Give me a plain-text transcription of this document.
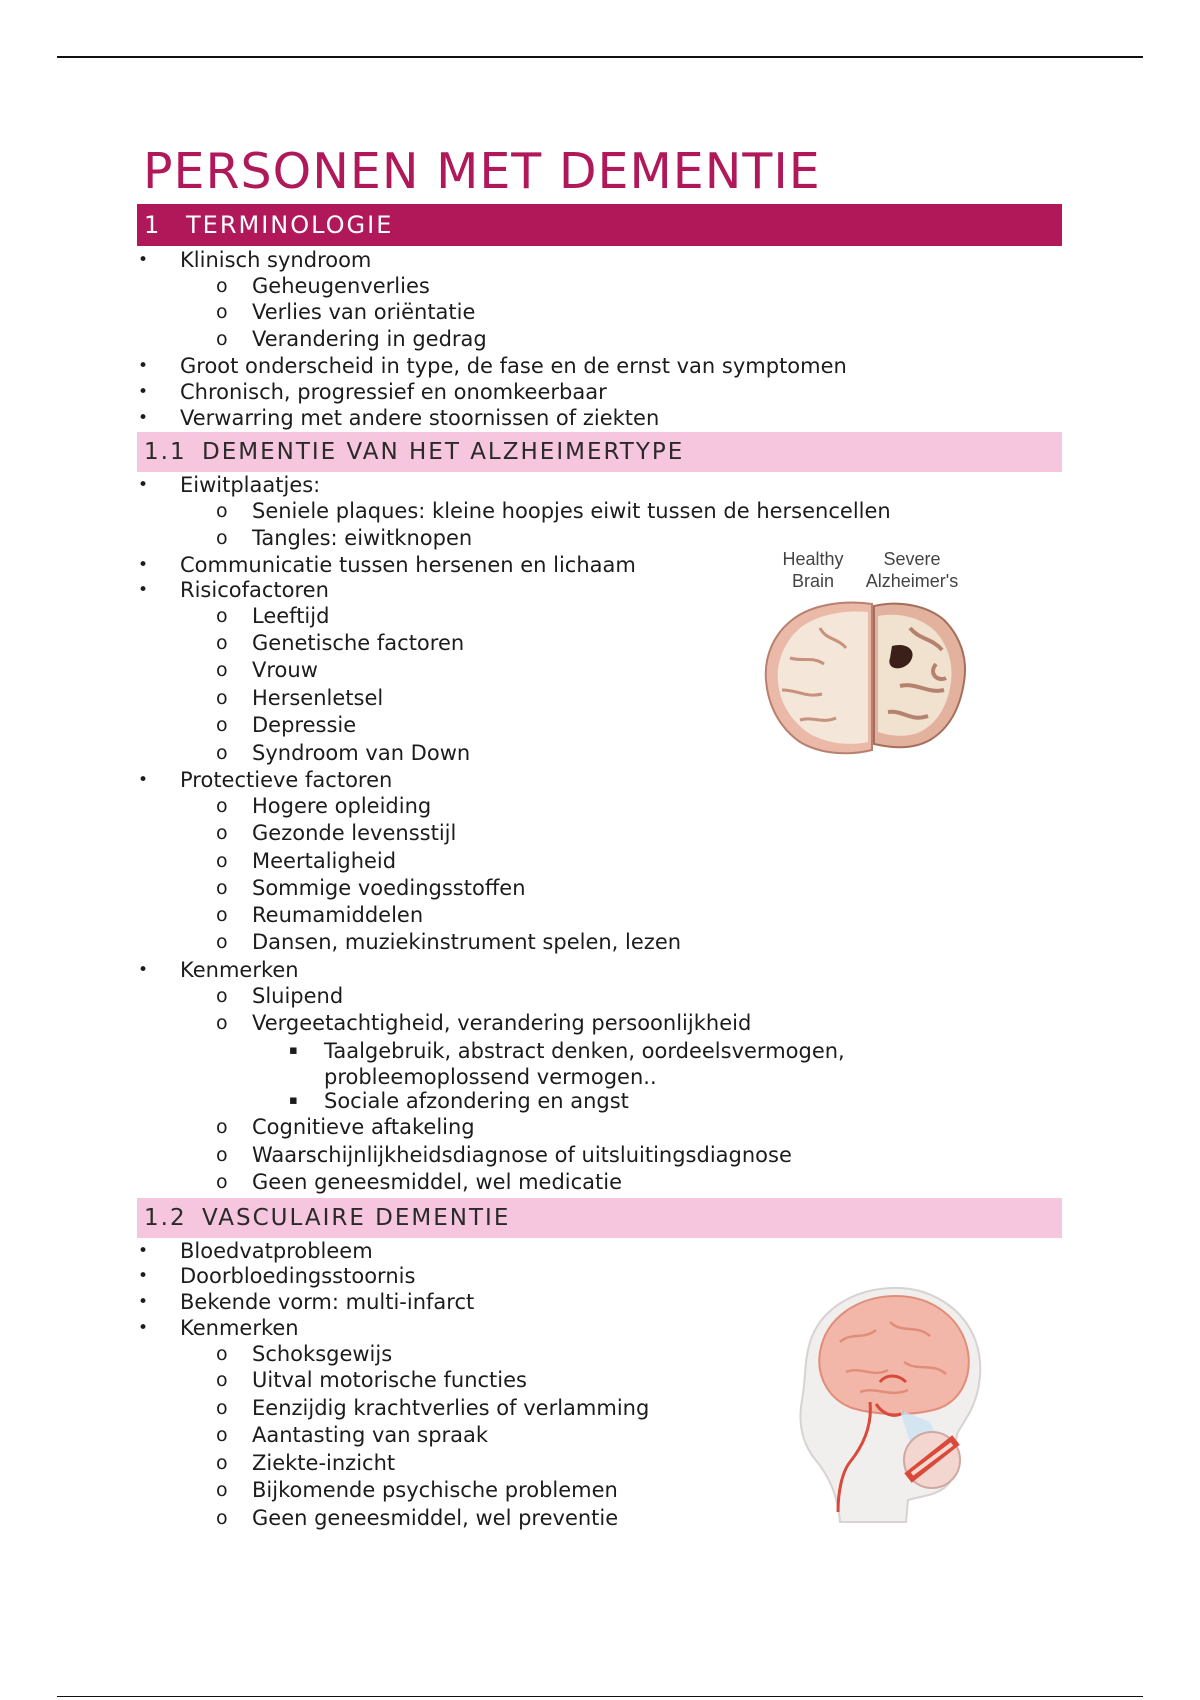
PERSONEN MET DEMENTIE
1 TERMINOLOGIE
• Klinisch syndroom
o Geheugenverlies
o Verlies van oriëntatie
o Verandering in gedrag
• Groot onderscheid in type, de fase en de ernst van symptomen
• Chronisch, progressief en onomkeerbaar
• Verwarring met andere stoornissen of ziekten
1.1 DEMENTIE VAN HET ALZHEIMERTYPE
• Eiwitplaatjes:
o Seniele plaques: kleine hoopjes eiwit tussen de hersencellen
o Tangles: eiwitknopen
• Communicatie tussen hersenen en lichaam
• Risicofactoren
o Leeftijd
o Genetische factoren
o Vrouw
o Hersenletsel
o Depressie
o Syndroom van Down
• Protectieve factoren
o Hogere opleiding
o Gezonde levensstijl
o Meertaligheid
o Sommige voedingsstoffen
o Reumamiddelen
o Dansen, muziekinstrument spelen, lezen
• Kenmerken
o Sluipend
o Vergeetachtigheid, verandering persoonlijkheid
▪ Taalgebruik, abstract denken, oordeelsvermogen,
probleemoplossend vermogen..
▪ Sociale afzondering en angst
o Cognitieve aftakeling
o Waarschijnlijkheidsdiagnose of uitsluitingsdiagnose
o Geen geneesmiddel, wel medicatie
1.2 VASCULAIRE DEMENTIE
• Bloedvatprobleem
• Doorbloedingsstoornis
• Bekende vorm: multi-infarct
• Kenmerken
o Schoksgewijs
o Uitval motorische functies
o Eenzijdig krachtverlies of verlamming
o Aantasting van spraak
o Ziekte-inzicht
o Bijkomende psychische problemen
o Geen geneesmiddel, wel preventie
Healthy
Brain
Severe
Alzheimer's
